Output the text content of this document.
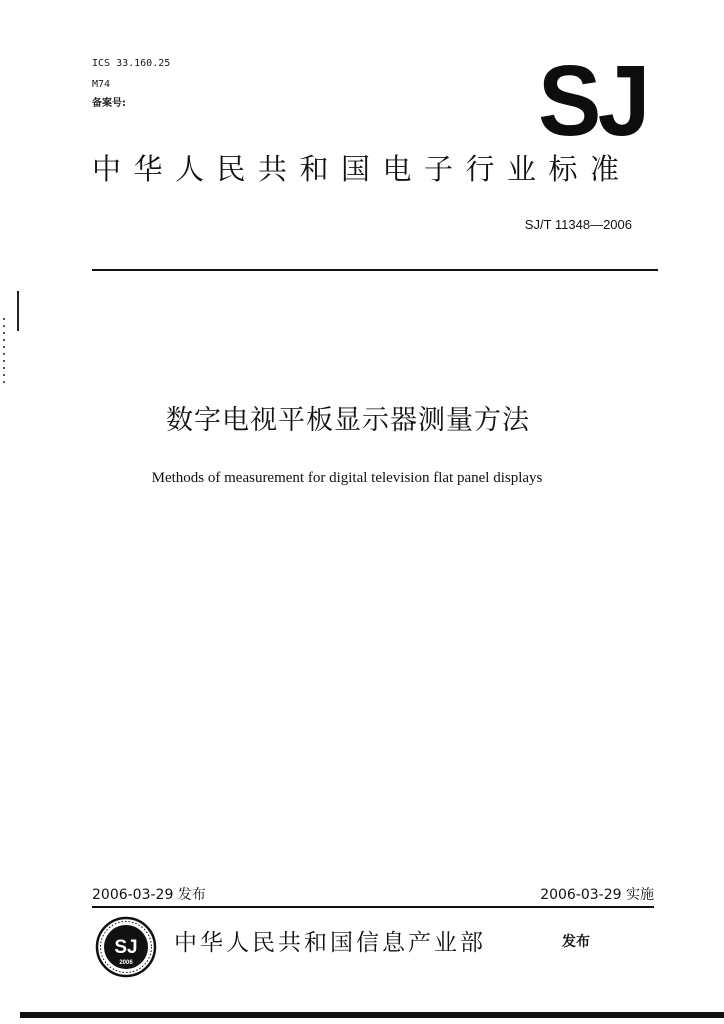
ICS 33.160.25
M74
备案号:	SJ
中华人民共和国电子行业标准
SJ/T 11348—2006
数字电视平板显示器测量方法
Methods of measurement for digital television flat panel displays
2006-03-29 发布	2006-03-29 实施
SJ
2006
中华人民共和国信息产业部	发布
